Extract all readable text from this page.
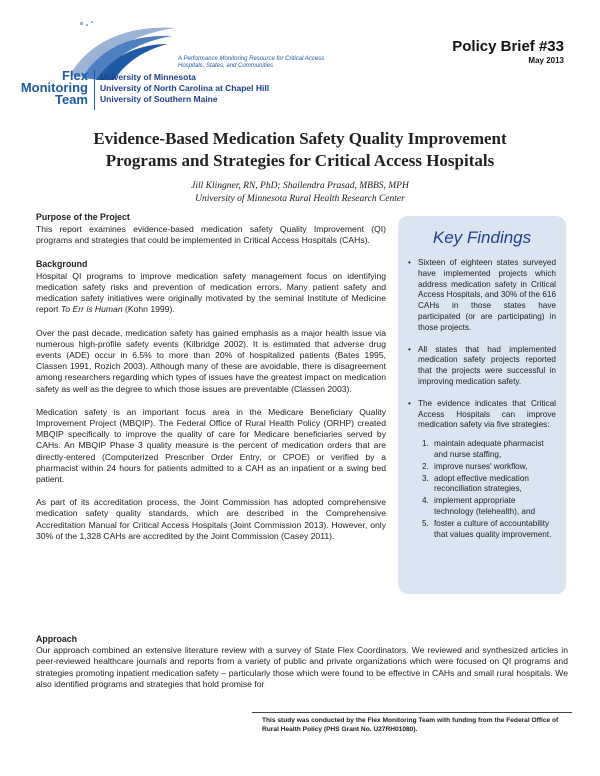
A Performance Monitoring Resource for Critical Access Hospitals, States, and Communities
Flex
Monitoring
Team
University of Minnesota
University of North Carolina at Chapel Hill
University of Southern Maine
Policy Brief #33
May 2013
Evidence-Based Medication Safety Quality Improvement
Programs and Strategies for Critical Access Hospitals
Jill Klingner, RN, PhD; Shailendra Prasad, MBBS, MPH
University of Minnesota Rural Health Research Center
Purpose of the Project

This report examines evidence-based medication safety Quality Improvement (QI) programs and strategies that could be implemented in Critical Access Hospitals (CAHs).

Background

Hospital QI programs to improve medication safety management focus on identifying medication safety risks and prevention of medication errors. Many patient safety and medication safety initiatives were originally motivated by the seminal Institute of Medicine report To Err is Human (Kohn 1999).

Over the past decade, medication safety has gained emphasis as a major health issue via numerous high-profile safety events (Kilbridge 2002). It is estimated that adverse drug events (ADE) occur in 6.5% to more than 20% of hospitalized patients (Bates 1995, Classen 1991, Rozich 2003). Although many of these are avoidable, there is disagreement among researchers regarding which types of issues have the greatest impact on medication safety as well as the degree to which those issues are preventable (Classen 2003).

Medication safety is an important focus area in the Medicare Beneficiary Quality Improvement Project (MBQIP). The Federal Office of Rural Health Policy (ORHP) created MBQIP specifically to improve the quality of care for Medicare beneficiaries served by CAHs. An MBQIP Phase 3 quality measure is the percent of medication orders that are directly-entered (Computerized Prescriber Order Entry, or CPOE) or verified by a pharmacist within 24 hours for patients admitted to a CAH as an inpatient or a swing bed patient.

As part of its accreditation process, the Joint Commission has adopted comprehensive medication safety quality standards, which are described in the Comprehensive Accreditation Manual for Critical Access Hospitals (Joint Commission 2013). However, only 30% of the 1,328 CAHs are accredited by the Joint Commission (Casey 2011).

Key Findings
• Sixteen of eighteen states surveyed have implemented projects which address medication safety in Critical Access Hospitals, and 30% of the 616 CAHs in those states have participated (or are participating) in those projects.
• All states that had implemented medication safety projects reported that the projects were successful in improving medication safety.
• The evidence indicates that Critical Access Hospitals can improve medication safety via five strategies:
1. maintain adequate pharmacist and nurse staffing,
2. improve nurses' workflow,
3. adopt effective medication reconciliation strategies,
4. implement appropriate technology (telehealth), and
5. foster a culture of accountability that values quality improvement.
Approach

Our approach combined an extensive literature review with a survey of State Flex Coordinators. We reviewed and synthesized articles in peer-reviewed healthcare journals and reports from a variety of public and private organizations which were focused on QI programs and strategies promoting inpatient medication safety – particularly those which were found to be effective in CAHs and small rural hospitals. We also identified programs and strategies that hold promise for

This study was conducted by the Flex Monitoring Team with funding from the Federal Office of Rural Health Policy (PHS Grant No. U27RH01080).
